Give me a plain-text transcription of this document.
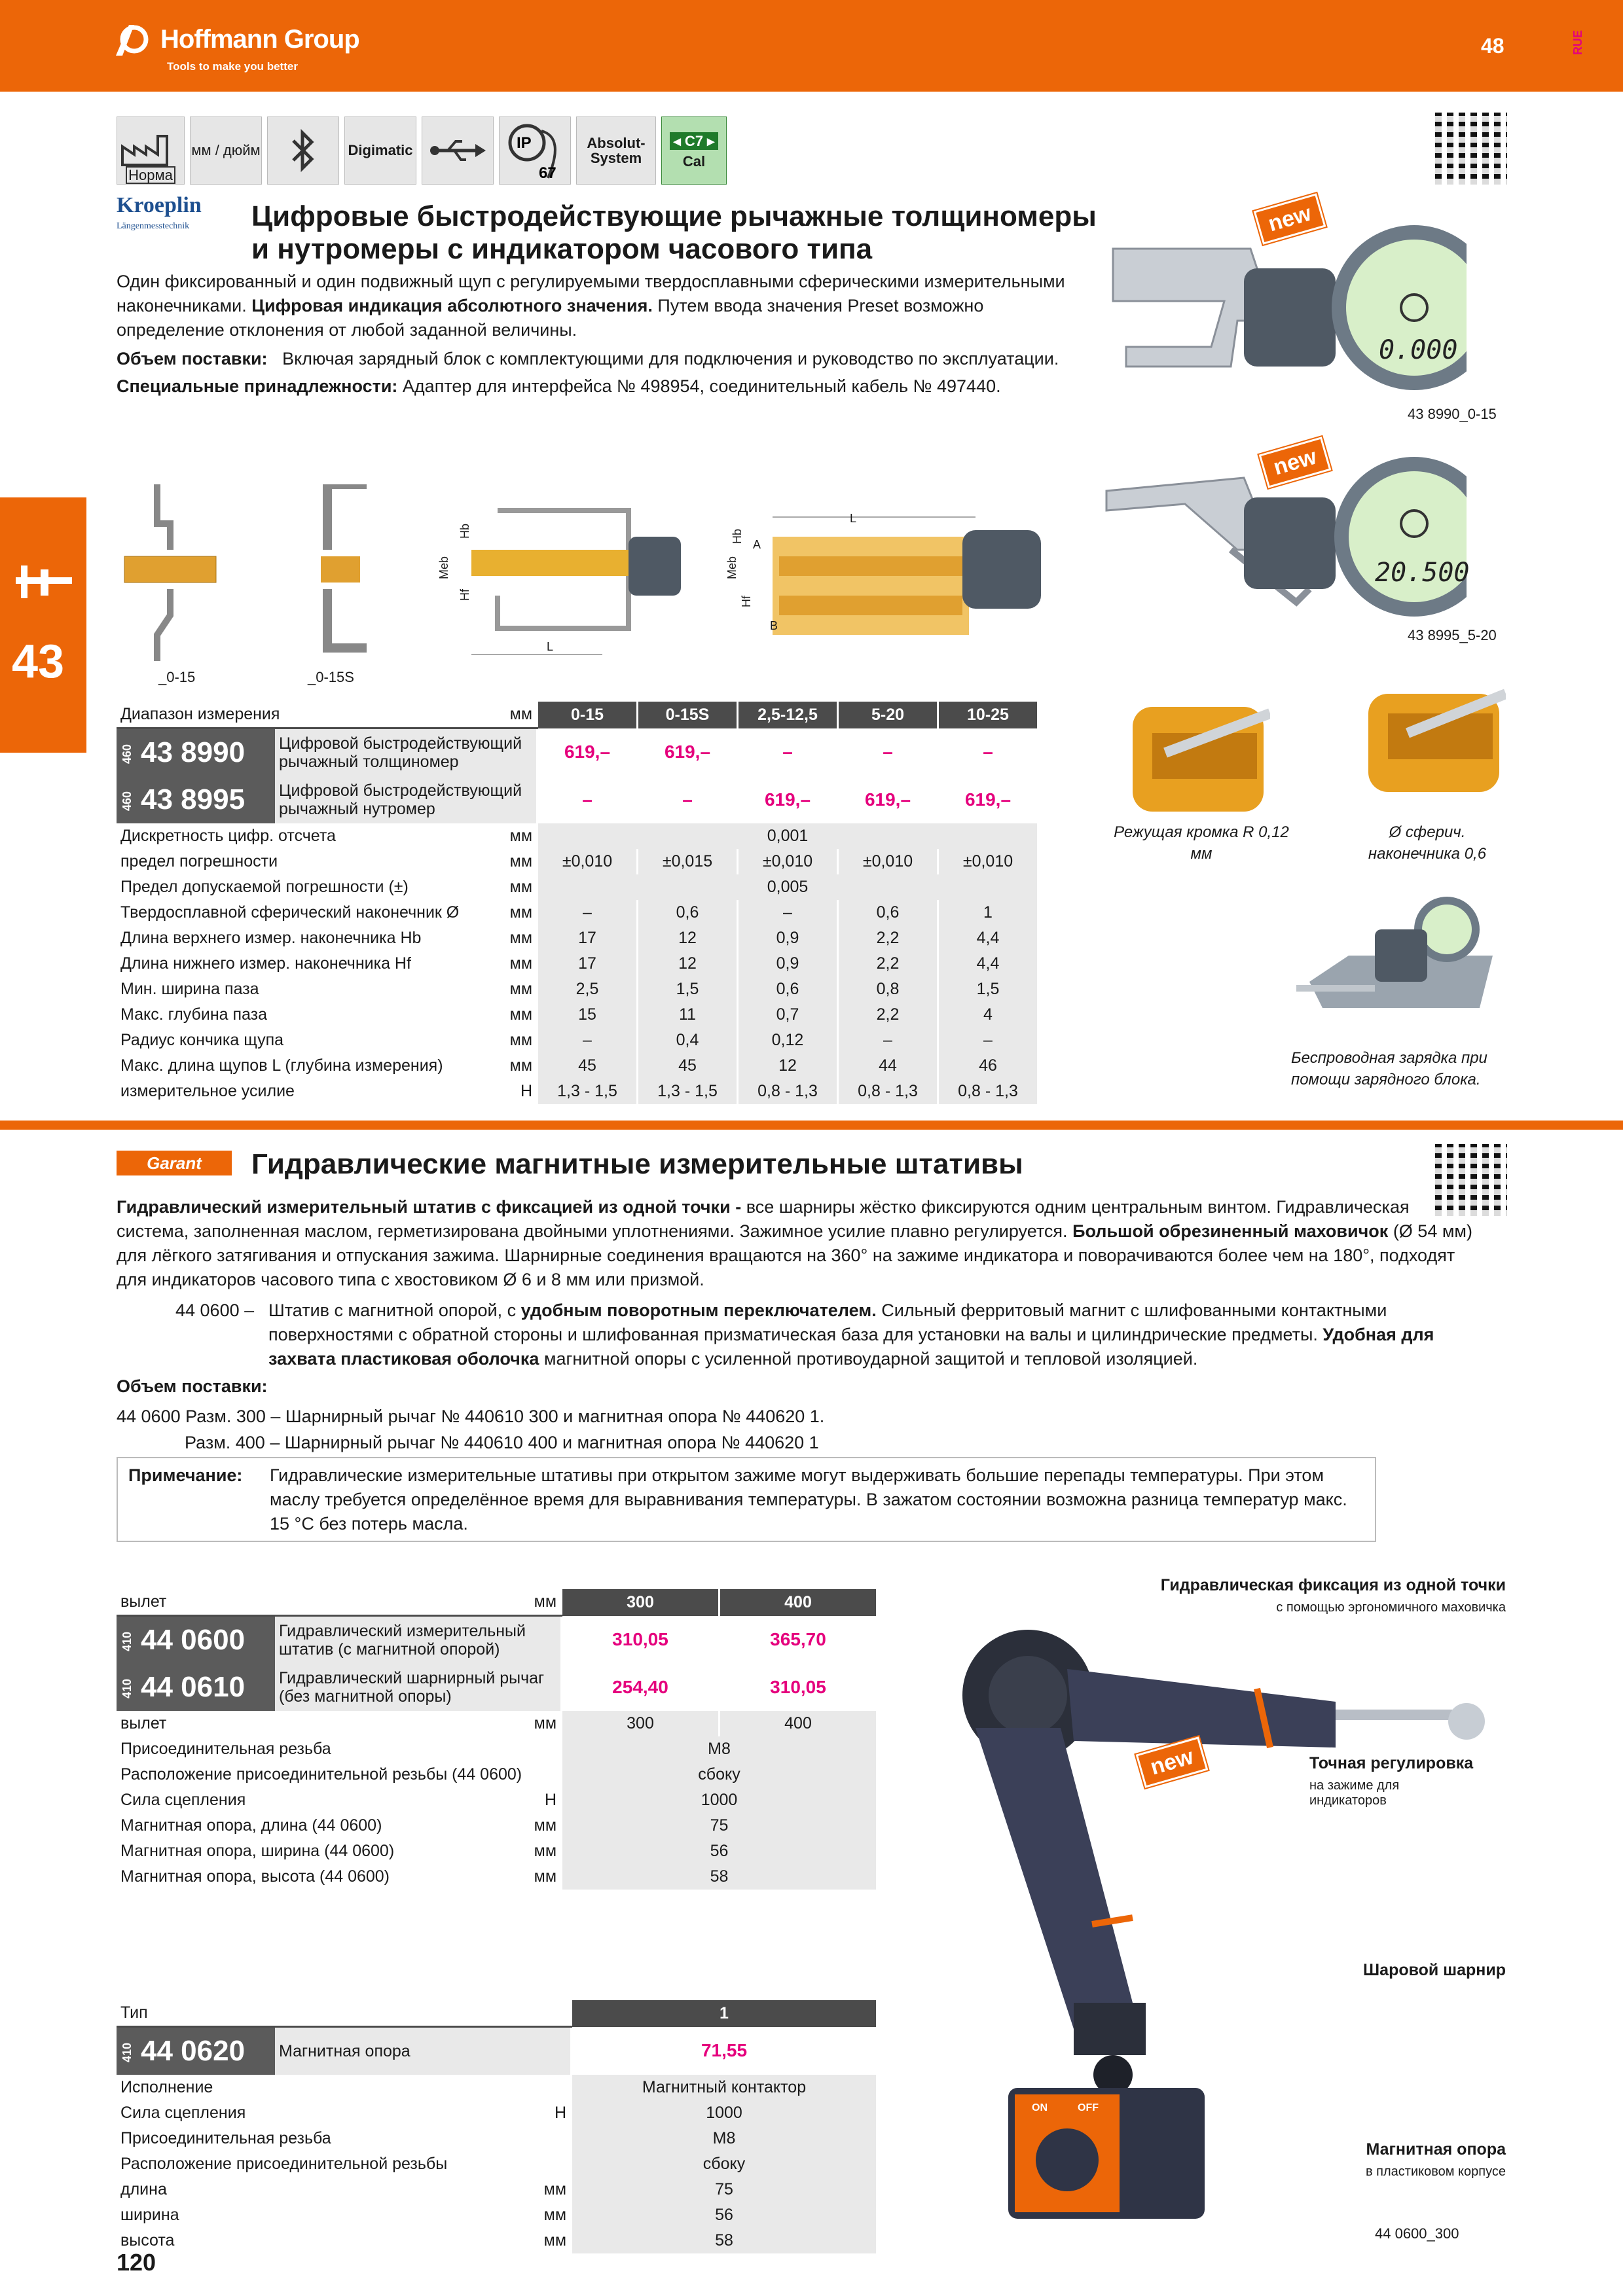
Hoffmann Group
Tools to make you better
48	RUE
43
Норма
мм / дюйм	Digimatic	IP
67
Absolut-System
◂ C7 ▸
Cal
Kroeplin
Längenmesstechnik	Цифровые быстродействующие рычажные толщиномеры и нутромеры с индикатором часового типа
Один фиксированный и один подвижный щуп с регулируемыми твердосплавными сферическими измерительными наконечниками. Цифровая индикация абсолютного значения. Путем ввода значения Preset возможно определение отклонения от любой заданной величины.
Объем поставки: Включая зарядный блок с комплектующими для подключения и руководство по эксплуатации.
Специальные принадлежности: Адаптер для интерфейса № 498954, соединительный кабель № 497440.
0.000
new
43 8990_0-15
20.500
new
43 8995_5-20
_0-15	_0-15S
Meb
Hb
Hf
L
L
Meb
Hb
A
Hf
B
Режущая кромка R 0,12 мм
Ø сферич. наконечника 0,6
Беспроводная зарядка при помощи зарядного блока.
Диапазон измерения		мм	0-15	0-15S	2,5-12,5	5-20	10-25
460 43 8990	Цифровой быстродействующий рычажный толщиномер		619,–	619,–	–	–	–
460 43 8995	Цифровой быстродействующий рычажный нутромер		–	–	619,–	619,–	619,–
Дискретность цифр. отсчета		мм	0,001				
предел погрешности		мм	±0,010	±0,015	±0,010	±0,010	±0,010
Предел допускаемой погрешности (±)		мм	0,005				
Твердосплавной сферический наконечник Ø		мм	–	0,6	–	0,6	1
Длина верхнего измер. наконечника Hb		мм	17	12	0,9	2,2	4,4
Длина нижнего измер. наконечника Hf		мм	17	12	0,9	2,2	4,4
Мин. ширина паза		мм	2,5	1,5	0,6	0,8	1,5
Макс. глубина паза		мм	15	11	0,7	2,2	4
Радиус кончика щупа		мм	–	0,4	0,12	–	–
Макс. длина щупов L (глубина измерения)		мм	45	45	12	44	46
измерительное усилие		Н	1,3 - 1,5	1,3 - 1,5	0,8 - 1,3	0,8 - 1,3	0,8 - 1,3
Garant	Гидравлические магнитные измерительные штативы
Гидравлический измерительный штатив с фиксацией из одной точки - все шарниры жёстко фиксируются одним центральным винтом. Гидравлическая система, заполненная маслом, герметизирована двойными уплотнениями. Зажимное усилие плавно регулируется. Большой обрезиненный маховичок (Ø 54 мм) для лёгкого затягивания и отпускания зажима. Шарнирные соединения вращаются на 360° на зажиме индикатора и поворачиваются более чем на 180°, подходят для индикаторов часового типа с хвостовиком Ø 6 и 8 мм или призмой.
44 0600 – Штатив с магнитной опорой, с удобным поворотным переключателем. Сильный ферритовый магнит с шлифованными контактными поверхностями с обратной стороны и шлифованная призматическая база для установки на валы и цилиндрические предметы. Удобная для захвата пластиковая оболочка магнитной опоры с усиленной противоударной защитой и тепловой изоляцией.
Объем поставки:
44 0600 Разм. 300 – Шарнирный рычаг № 440610 300 и магнитная опора № 440620 1.
Разм. 400 – Шарнирный рычаг № 440610 400 и магнитная опора № 440620 1
Примечание: Гидравлические измерительные штативы при открытом зажиме могут выдерживать большие перепады температуры. При этом маслу требуется определённое время для выравнивания температуры. В зажатом состоянии возможна разница температур макс. 15 °C без потерь масла.
вылет		мм	300	400
410 44 0600	Гидравлический измерительный штатив (с магнитной опорой)		310,05	365,70
410 44 0610	Гидравлический шарнирный рычаг (без магнитной опоры)		254,40	310,05
вылет		мм	300	400
Присоединительная резьба			M8	
Расположение присоединительной резьбы (44 0600)			сбоку	
Сила сцепления		Н	1000	
Магнитная опора, длина (44 0600)		мм	75	
Магнитная опора, ширина (44 0600)		мм	56	
Магнитная опора, высота (44 0600)		мм	58	
Тип			1
410 44 0620	Магнитная опора		71,55
Исполнение			Магнитный контактор
Сила сцепления		Н	1000
Присоединительная резьба			M8
Расположение присоединительной резьбы			сбоку
длина		мм	75
ширина		мм	56
высота		мм	58
ON	OFF
new
Гидравлическая фиксация из одной точки
с помощью эргономичного маховичка
Точная регулировка
на зажиме для индикаторов
Шаровой шарнир
Магнитная опора
в пластиковом корпусе
44 0600_300
120
